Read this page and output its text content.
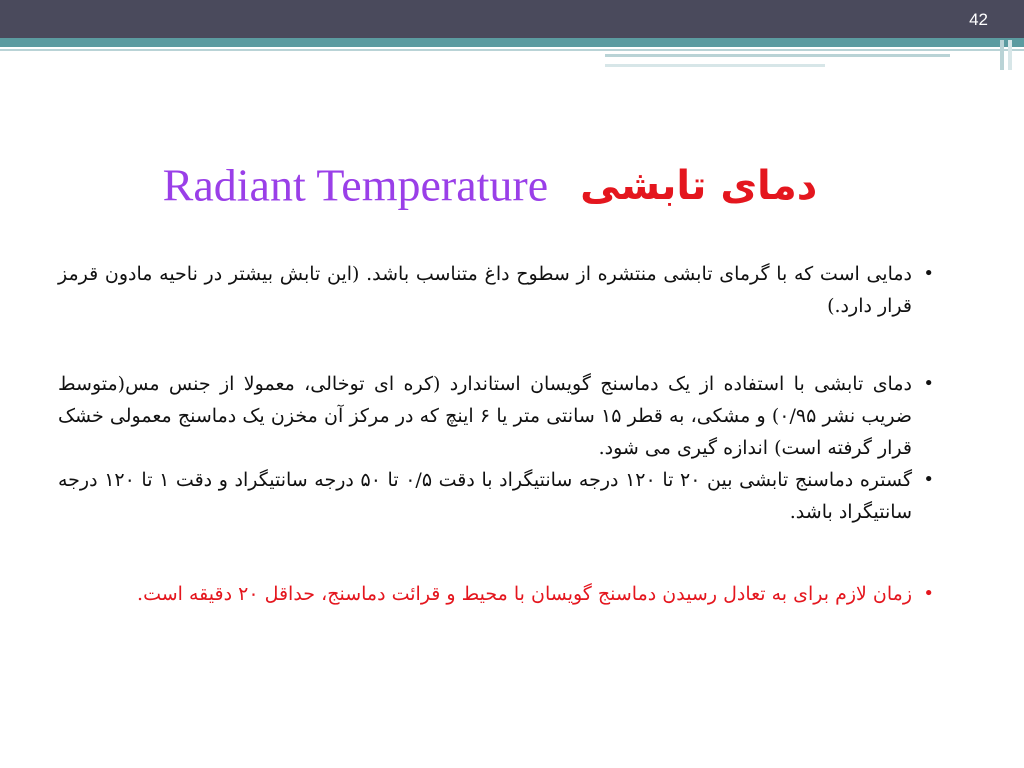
42
Radiant Temperature دمای تابشی

•
دمایی است که با گرمای تابشی منتشره از سطوح داغ متناسب باشد. (این تابش بیشتر در ناحیه مادون قرمز قرار دارد.)

•
دمای تابشی با استفاده از یک دماسنج گویسان استاندارد (کره ای توخالی، معمولا از جنس مس(متوسط ضریب نشر ۰/۹۵) و مشکی، به قطر ۱۵ سانتی متر یا ۶ اینچ که در مرکز آن مخزن یک دماسنج معمولی خشک قرار گرفته است) اندازه گیری می شود.

•
گستره دماسنج تابشی بین ۲۰ تا ۱۲۰ درجه سانتیگراد با دقت ۰/۵ تا ۵۰ درجه سانتیگراد و دقت ۱ تا ۱۲۰ درجه سانتیگراد باشد.

•
زمان لازم برای به تعادل رسیدن دماسنج گویسان با محیط و قرائت دماسنج، حداقل ۲۰ دقیقه است.
